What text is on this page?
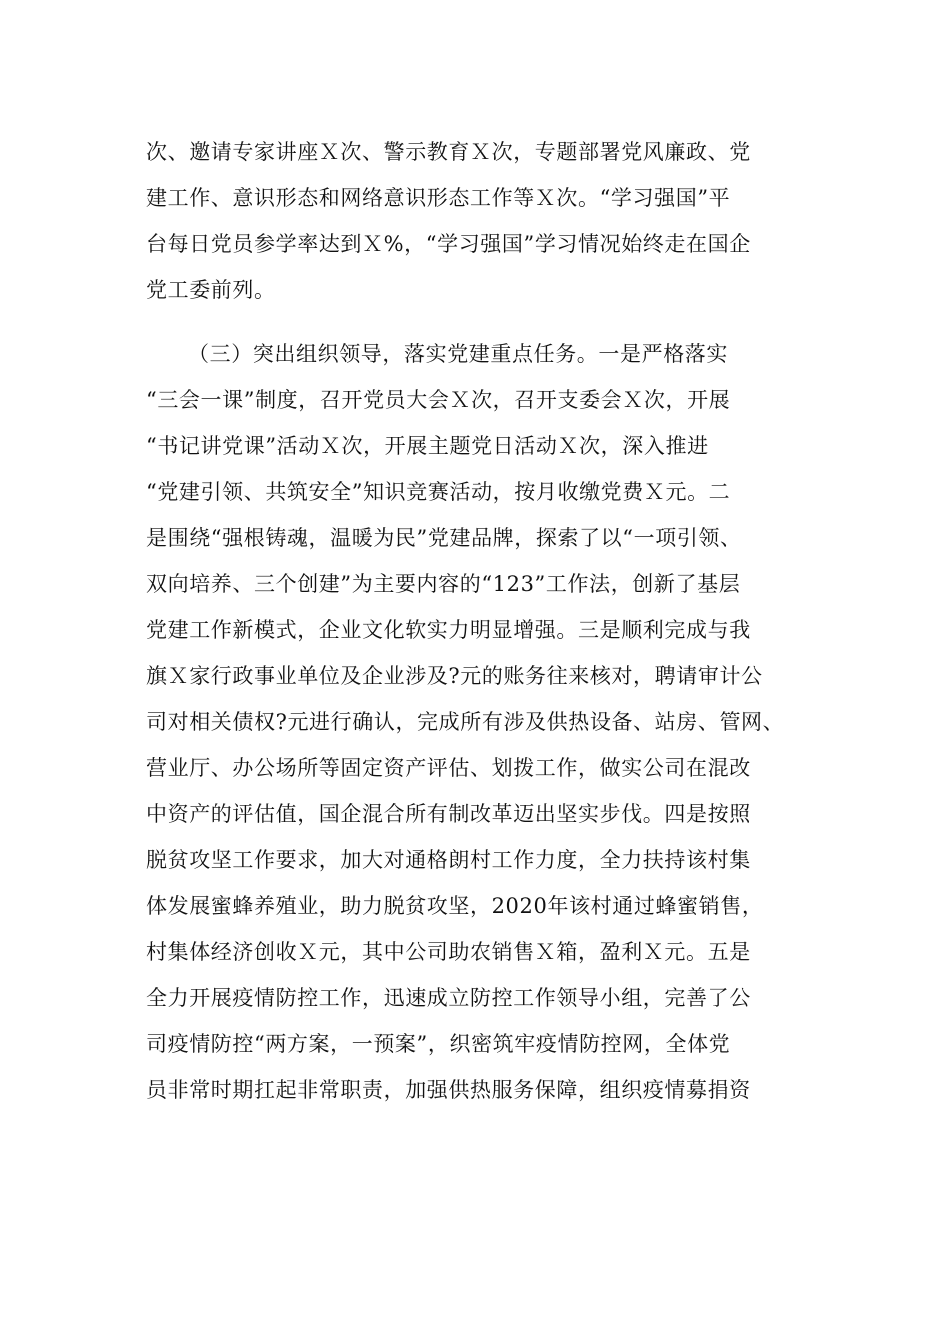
次、邀请专家讲座Ｘ次、警示教育Ｘ次，专题部署党风廉政、党
建工作、意识形态和网络意识形态工作等Ｘ次。“学习强国”平
台每日党员参学率达到Ｘ%，“学习强国”学习情况始终走在国企
党工委前列。
（三）突出组织领导，落实党建重点任务。一是严格落实
“三会一课”制度，召开党员大会Ｘ次，召开支委会Ｘ次，开展
“书记讲党课”活动Ｘ次，开展主题党日活动Ｘ次，深入推进
“党建引领、共筑安全”知识竞赛活动，按月收缴党费Ｘ元。二
是围绕“强根铸魂，温暖为民”党建品牌，探索了以“一项引领、
双向培养、三个创建”为主要内容的“123”工作法，创新了基层
党建工作新模式，企业文化软实力明显增强。三是顺利完成与我
旗Ｘ家行政事业单位及企业涉及?元的账务往来核对，聘请审计公
司对相关债权?元进行确认，完成所有涉及供热设备、站房、管网、
营业厅、办公场所等固定资产评估、划拨工作，做实公司在混改
中资产的评估值，国企混合所有制改革迈出坚实步伐。四是按照
脱贫攻坚工作要求，加大对通格朗村工作力度，全力扶持该村集
体发展蜜蜂养殖业，助力脱贫攻坚，2020年该村通过蜂蜜销售，
村集体经济创收Ｘ元，其中公司助农销售Ｘ箱，盈利Ｘ元。五是
全力开展疫情防控工作，迅速成立防控工作领导小组，完善了公
司疫情防控“两方案，一预案”，织密筑牢疫情防控网，全体党
员非常时期扛起非常职责，加强供热服务保障，组织疫情募捐资
